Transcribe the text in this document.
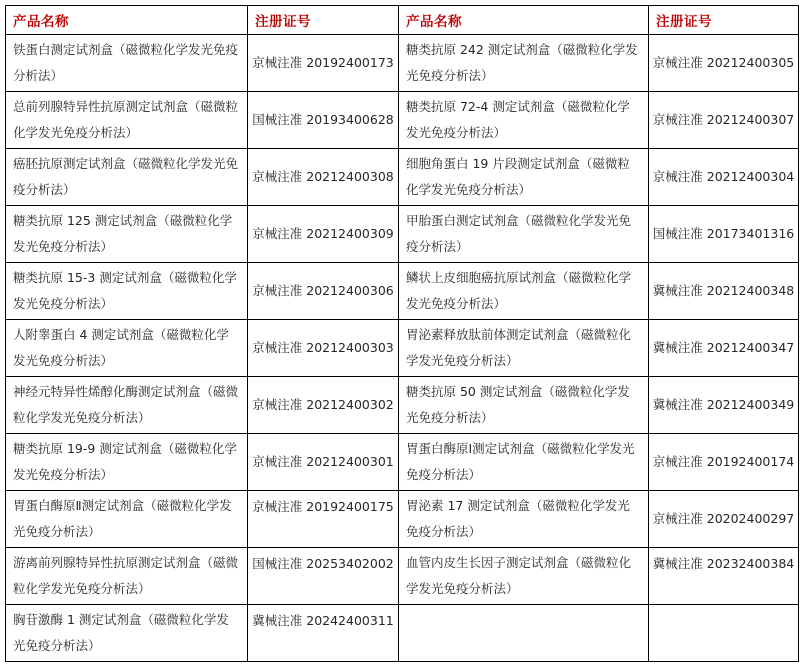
产品名称	注册证号	产品名称	注册证号
铁蛋白测定试剂盒（磁微粒化学发光免疫分析法）	京械注准 20192400173	糖类抗原 242 测定试剂盒（磁微粒化学发光免疫分析法）	京械注准 20212400305
总前列腺特异性抗原测定试剂盒（磁微粒化学发光免疫分析法）	国械注准 20193400628	糖类抗原 72-4 测定试剂盒（磁微粒化学发光免疫分析法）	京械注准 20212400307
癌胚抗原测定试剂盒（磁微粒化学发光免疫分析法）	京械注准 20212400308	细胞角蛋白 19 片段测定试剂盒（磁微粒化学发光免疫分析法）	京械注准 20212400304
糖类抗原 125 测定试剂盒（磁微粒化学发光免疫分析法）	京械注准 20212400309	甲胎蛋白测定试剂盒（磁微粒化学发光免疫分析法）	国械注准 20173401316
糖类抗原 15-3 测定试剂盒（磁微粒化学发光免疫分析法）	京械注准 20212400306	鳞状上皮细胞癌抗原试剂盒（磁微粒化学发光免疫分析法）	冀械注准 20212400348
人附睾蛋白 4 测定试剂盒（磁微粒化学发光免疫分析法）	京械注准 20212400303	胃泌素释放肽前体测定试剂盒（磁微粒化学发光免疫分析法）	冀械注准 20212400347
神经元特异性烯醇化酶测定试剂盒（磁微粒化学发光免疫分析法）	京械注准 20212400302	糖类抗原 50 测定试剂盒（磁微粒化学发光免疫分析法）	冀械注准 20212400349
糖类抗原 19-9 测定试剂盒（磁微粒化学发光免疫分析法）	京械注准 20212400301	胃蛋白酶原Ⅰ测定试剂盒（磁微粒化学发光免疫分析法）	京械注准 20192400174
胃蛋白酶原Ⅱ测定试剂盒（磁微粒化学发光免疫分析法）	京械注准 20192400175	胃泌素 17 测定试剂盒（磁微粒化学发光免疫分析法）	京械注准 20202400297
游离前列腺特异性抗原测定试剂盒（磁微粒化学发光免疫分析法）	国械注准 20253402002	血管内皮生长因子测定试剂盒（磁微粒化学发光免疫分析法）	冀械注准 20232400384
胸苷激酶 1 测定试剂盒（磁微粒化学发光免疫分析法）	冀械注准 20242400311		
